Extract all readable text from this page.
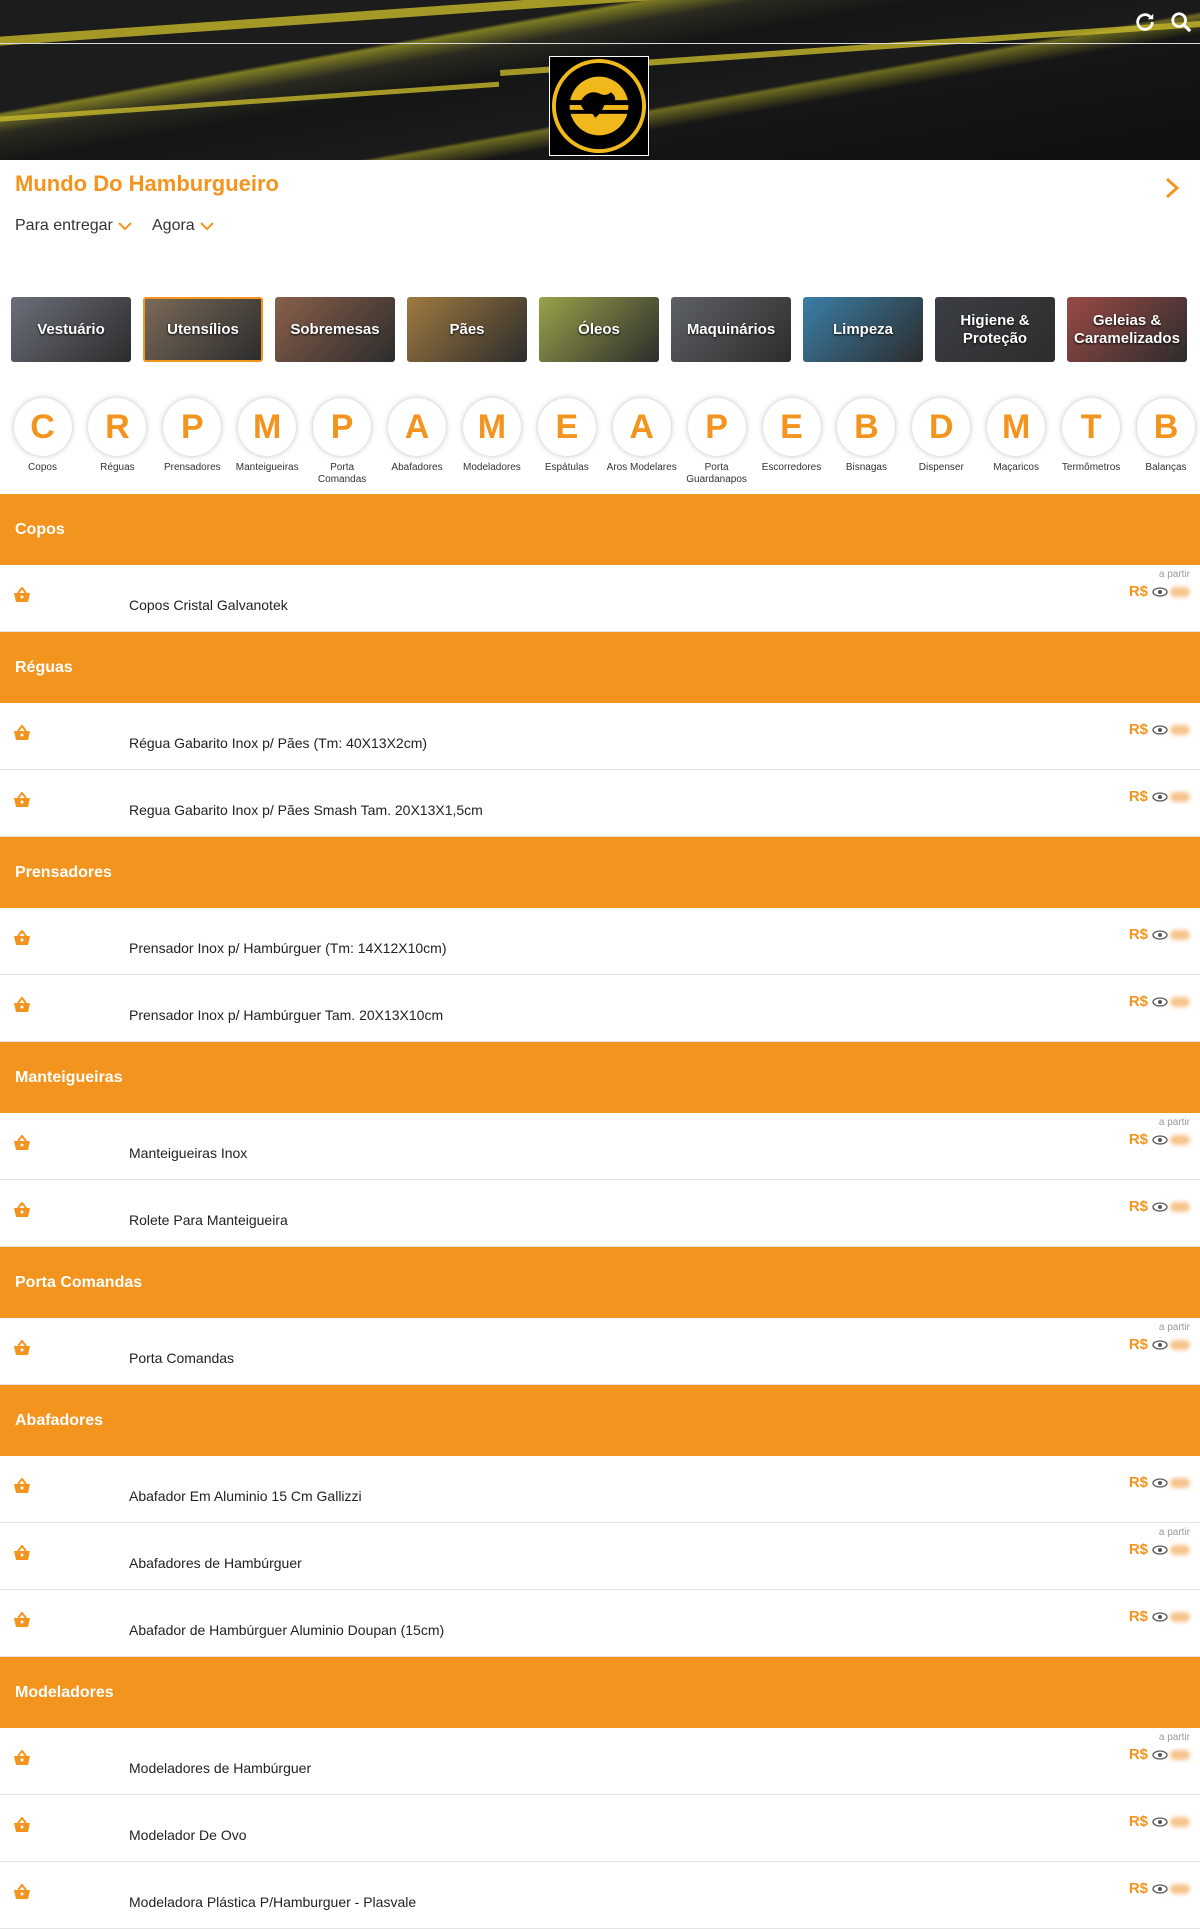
Mundo Do Hamburgueiro
Para entregar Agora
Vestuário	Utensílios	Sobremesas	Pães	Óleos	Maquinários	Limpeza
Higiene & Proteção
Geleias & Caramelizados
C
Copos
R
Réguas
P
Prensadores
M
Manteigueiras
P
Porta Comandas
A
Abafadores
M
Modeladores
E
Espátulas
A
Aros Modelares
P
Porta Guardanapos
E
Escorredores
B
Bisnagas
D
Dispenser
M
Maçaricos
T
Termômetros
B
Balanças
Copos
Copos Cristal Galvanotek
a partir
R$
Réguas
Régua Gabarito Inox p/ Pães (Tm: 40X13X2cm)
R$
Regua Gabarito Inox p/ Pães Smash Tam. 20X13X1,5cm
R$
Prensadores
Prensador Inox p/ Hambúrguer (Tm: 14X12X10cm)
R$
Prensador Inox p/ Hambúrguer Tam. 20X13X10cm
R$
Manteigueiras
Manteigueiras Inox
a partir
R$
Rolete Para Manteigueira
R$
Porta Comandas
Porta Comandas
a partir
R$
Abafadores
Abafador Em Aluminio 15 Cm Gallizzi
R$
Abafadores de Hambúrguer
a partir
R$
Abafador de Hambúrguer Aluminio Doupan (15cm)
R$
Modeladores
Modeladores de Hambúrguer
a partir
R$
Modelador De Ovo
R$
Modeladora Plástica P/Hamburguer - Plasvale
R$
